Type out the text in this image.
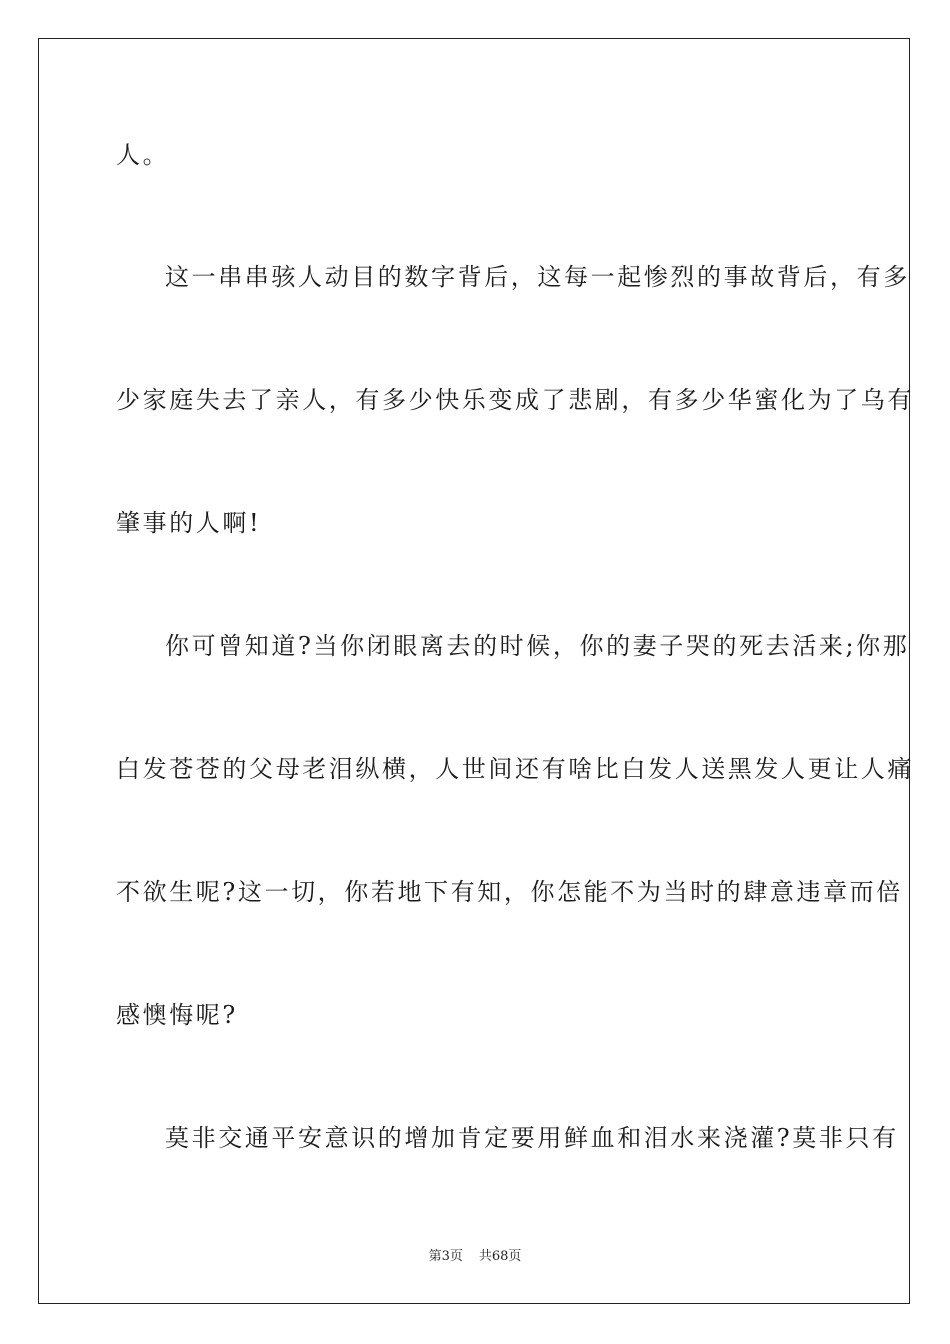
人。
这一串串骇人动目的数字背后，这每一起惨烈的事故背后，有多
少家庭失去了亲人，有多少快乐变成了悲剧，有多少华蜜化为了乌有
肇事的人啊!
你可曾知道?当你闭眼离去的时候，你的妻子哭的死去活来;你那
白发苍苍的父母老泪纵横，人世间还有啥比白发人送黑发人更让人痛
不欲生呢?这一切，你若地下有知，你怎能不为当时的肆意违章而倍
感懊悔呢?
莫非交通平安意识的增加肯定要用鲜血和泪水来浇灌?莫非只有
第3页 共68页
